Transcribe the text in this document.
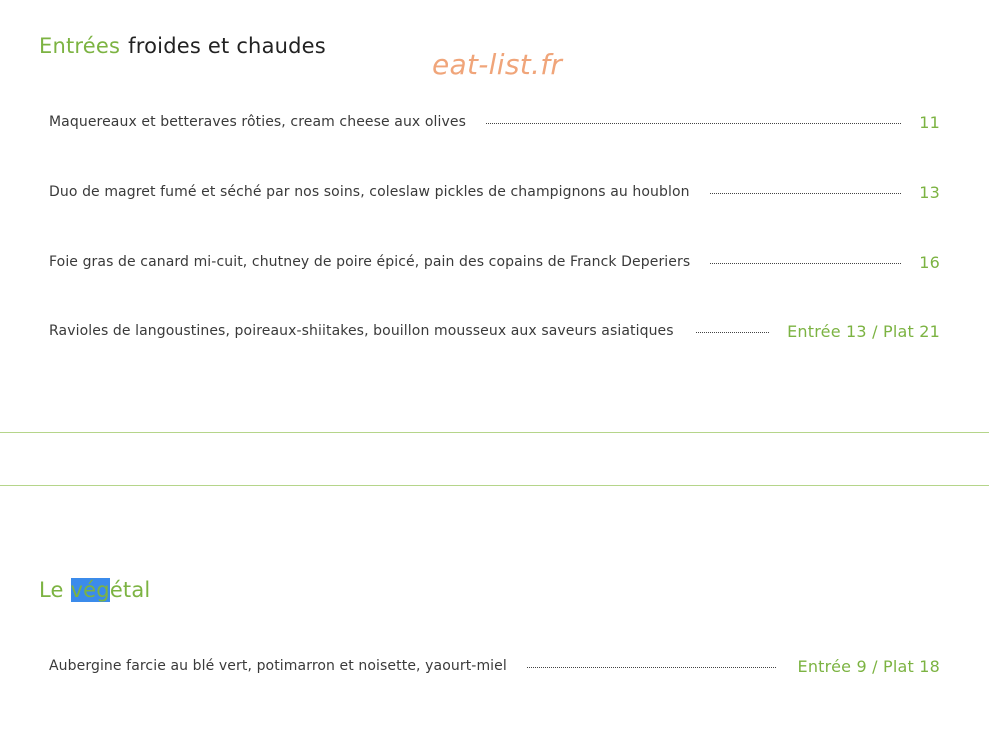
Entrées froides et chaudes
eat-list.fr
Maquereaux et betteraves rôties, cream cheese aux olives	11
Duo de magret fumé et séché par nos soins, coleslaw pickles de champignons au houblon	13
Foie gras de canard mi-cuit, chutney de poire épicé, pain des copains de Franck Deperiers	16
Ravioles de langoustines, poireaux-shiitakes, bouillon mousseux aux saveurs asiatiques	Entrée 13 / Plat 21
Le végétal
Aubergine farcie au blé vert, potimarron et noisette, yaourt-miel	Entrée 9 / Plat 18
